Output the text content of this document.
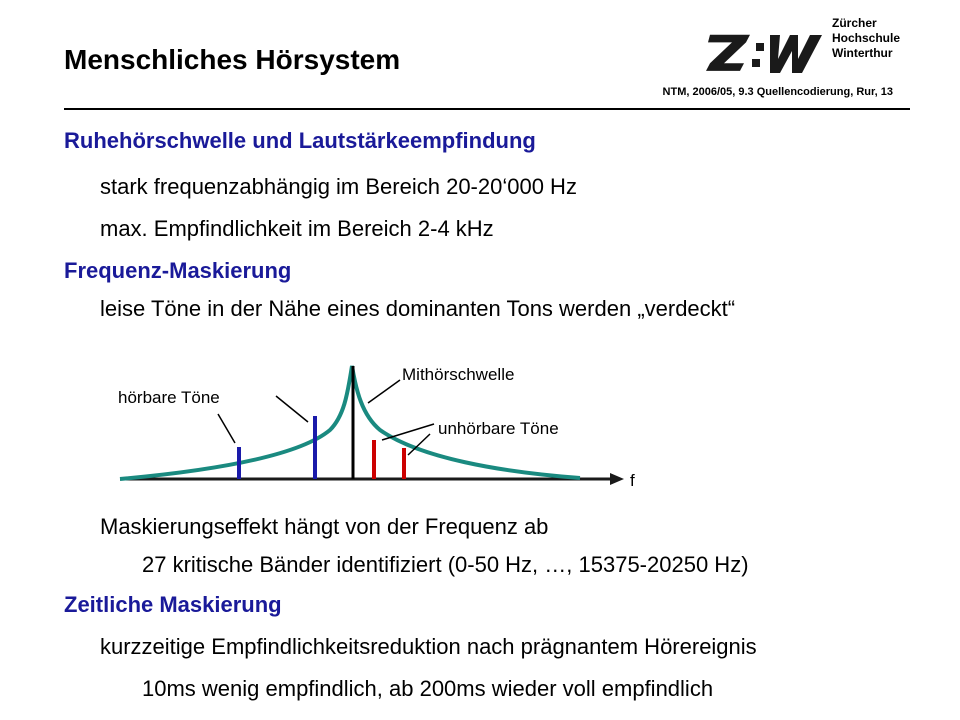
Menschliches Hörsystem
Zürcher
Hochschule
Winterthur
NTM, 2006/05, 9.3 Quellencodierung, Rur, 13
Ruhehörschwelle und Lautstärkeempfindung
stark frequenzabhängig im Bereich 20-20‘000 Hz
max. Empfindlichkeit im Bereich 2-4 kHz
Frequenz-Maskierung
leise Töne in der Nähe eines dominanten Tons werden „verdeckt“
hörbare Töne
Mithörschwelle
unhörbare Töne
f
Maskierungseffekt hängt von der Frequenz ab
27 kritische Bänder identifiziert (0-50 Hz, …, 15375-20250 Hz)
Zeitliche Maskierung
kurzzeitige Empfindlichkeitsreduktion nach prägnantem Hörereignis
10ms wenig empfindlich, ab 200ms wieder voll empfindlich
